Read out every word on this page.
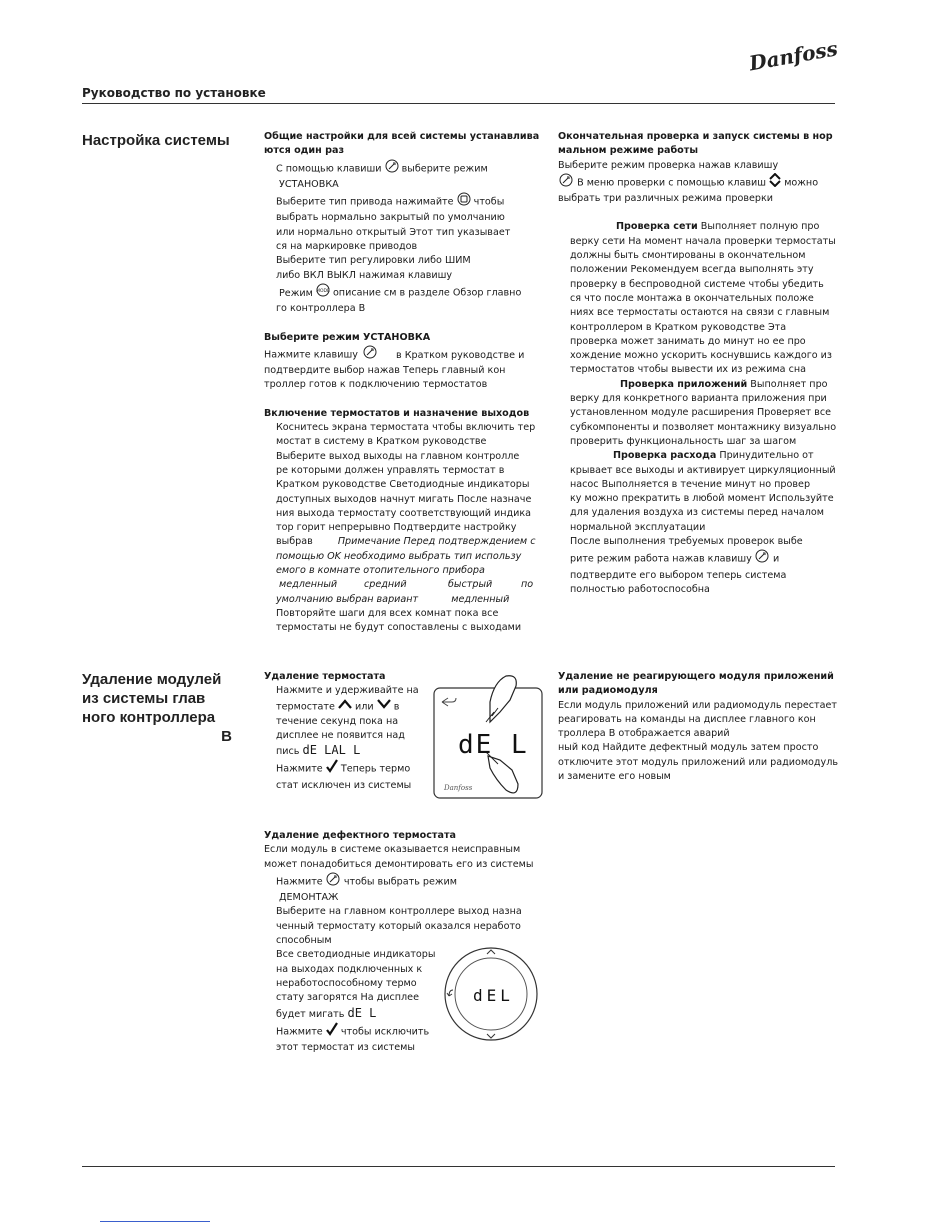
Danfoss
Руководство по установке
Настройка системы	Общие настройки для всей системы устанавлива
ются один раз
С помощью клавиши выберите режим
УСТАНОВКА
Выберите тип привода нажимайте чтобы
выбрать нормально закрытый по умолчанию
или нормально открытый Этот тип указывает
ся на маркировке приводов
Выберите тип регулировки либо ШИМ
либо ВКЛ ВЫКЛ нажимая клавишу
Режим MODE описание см в разделе Обзор главно
го контроллера В
Выберите режим УСТАНОВКА
Нажмите клавишу	в Кратком руководстве и
подтвердите выбор нажав Теперь главный кон
троллер готов к подключению термостатов
Включение термостатов и назначение выходов
Коснитесь экрана термостата чтобы включить тер
мостат в систему в Кратком руководстве
Выберите выход выходы на главном контролле
ре которыми должен управлять термостат в
Кратком руководстве Светодиодные индикаторы
доступных выходов начнут мигать После назначе
ния выхода термостату соответствующий индика
тор горит непрерывно Подтвердите настройку
выбрав	Примечание Перед подтверждением с
помощью OK необходимо выбрать тип использу
емого в комнате отопительного прибора
медленный	средний	быстрый	по
умолчанию выбран вариант	медленный
Повторяйте шаги для всех комнат пока все
термостаты не будут сопоставлены с выходами
Окончательная проверка и запуск системы в нор
мальном режиме работы
Выберите режим проверка нажав клавишу
В меню проверки с помощью клавиш можно
выбрать три различных режима проверки
Проверка сети Выполняет полную про
верку сети На момент начала проверки термостаты
должны быть смонтированы в окончательном
положении Рекомендуем всегда выполнять эту
проверку в беспроводной системе чтобы убедить
ся что после монтажа в окончательных положе
ниях все термостаты остаются на связи с главным
контроллером в Кратком руководстве Эта
проверка может занимать до минут но ее про
хождение можно ускорить коснувшись каждого из
термостатов чтобы вывести их из режима сна
Проверка приложений Выполняет про
верку для конкретного варианта приложения при
установленном модуле расширения Проверяет все
субкомпоненты и позволяет монтажнику визуально
проверить функциональность шаг за шагом
Проверка расхода Принудительно от
крывает все выходы и активирует циркуляционный
насос Выполняется в течение минут но провер
ку можно прекратить в любой момент Используйте
для удаления воздуха из системы перед началом
нормальной эксплуатации
После выполнения требуемых проверок выбе
рите режим работа нажав клавишу и
подтвердите его выбором теперь система
полностью работоспособна
Удаление модулей
из системы глав
ного контроллера
B
Удаление термостата
Нажмите и удерживайте на
термостате или в
течение секунд пока на
дисплее не появится над
пись dE LAL L
Нажмите Теперь термо
стат исключен из системы	Danfoss
dE L
Удаление не реагирующего модуля приложений
или радиомодуля
Если модуль приложений или радиомодуль перестает
реагировать на команды на дисплее главного кон
троллера В отображается аварий
ный код Найдите дефектный модуль затем просто
отключите этот модуль приложений или радиомодуль
и замените его новым
Удаление дефектного термостата
Если модуль в системе оказывается неисправным
может понадобиться демонтировать его из системы
Нажмите чтобы выбрать режим
ДЕМОНТАЖ
Выберите на главном контроллере выход назна
ченный термостату который оказался неработо
способным
Все светодиодные индикаторы
на выходах подключенных к
неработоспособному термо
стату загорятся На дисплее
будет мигать dE L
Нажмите чтобы исключить
этот термостат из системы
dEL
